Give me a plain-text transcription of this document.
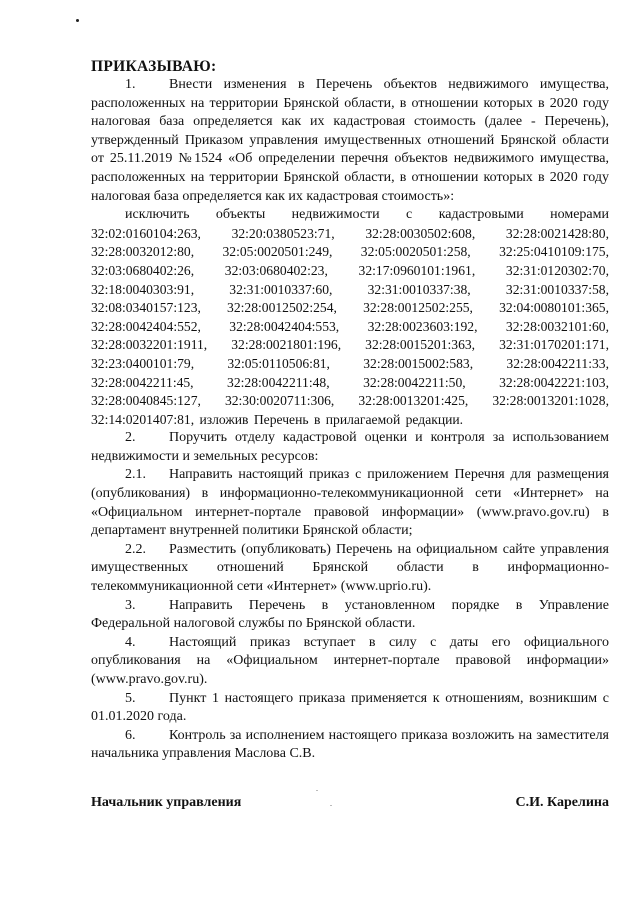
ПРИКАЗЫВАЮ:

1. Внести изменения в Перечень объектов недвижимого имущества, расположенных на территории Брянской области, в отношении которых в 2020 году налоговая база определяется как их кадастровая стоимость (далее - Перечень), утвержденный Приказом управления имущественных отношений Брянской области от 25.11.2019 №1524 «Об определении перечня объектов недвижимого имущества, расположенных на территории Брянской области, в отношении которых в 2020 году налоговая база определяется как их кадастровая стоимость»:

исключить объекты недвижимости с кадастровыми номерами

32:02:0160104:263, 32:20:0380523:71, 32:28:0030502:608, 32:28:0021428:80, 32:28:0032012:80, 32:05:0020501:249, 32:05:0020501:258, 32:25:0410109:175, 32:03:0680402:26, 32:03:0680402:23, 32:17:0960101:1961, 32:31:0120302:70, 32:18:0040303:91, 32:31:0010337:60, 32:31:0010337:38, 32:31:0010337:58, 32:08:0340157:123, 32:28:0012502:254, 32:28:0012502:255, 32:04:0080101:365, 32:28:0042404:552, 32:28:0042404:553, 32:28:0023603:192, 32:28:0032101:60, 32:28:0032201:1911, 32:28:0021801:196, 32:28:0015201:363, 32:31:0170201:171, 32:23:0400101:79, 32:05:0110506:81, 32:28:0015002:583, 32:28:0042211:33, 32:28:0042211:45, 32:28:0042211:48, 32:28:0042211:50, 32:28:0042221:103, 32:28:0040845:127, 32:30:0020711:306, 32:28:0013201:425, 32:28:0013201:1028, 32:14:0201407:81, изложив Перечень в прилагаемой редакции.

2. Поручить отделу кадастровой оценки и контроля за использованием недвижимости и земельных ресурсов:

2.1. Направить настоящий приказ с приложением Перечня для размещения (опубликования) в информационно-телекоммуникационной сети «Интернет» на «Официальном интернет-портале правовой информации» (www.pravo.gov.ru) в департамент внутренней политики Брянской области;

2.2. Разместить (опубликовать) Перечень на официальном сайте управления имущественных отношений Брянской области в информационно-телекоммуникационной сети «Интернет» (www.uprio.ru).

3. Направить Перечень в установленном порядке в Управление Федеральной налоговой службы по Брянской области.

4. Настоящий приказ вступает в силу с даты его официального опубликования на «Официальном интернет-портале правовой информации» (www.pravo.gov.ru).

5. Пункт 1 настоящего приказа применяется к отношениям, возникшим с 01.01.2020 года.

6. Контроль за исполнением настоящего приказа возложить на заместителя начальника управления Маслова С.В.

Начальник управления	С.И. Карелина
